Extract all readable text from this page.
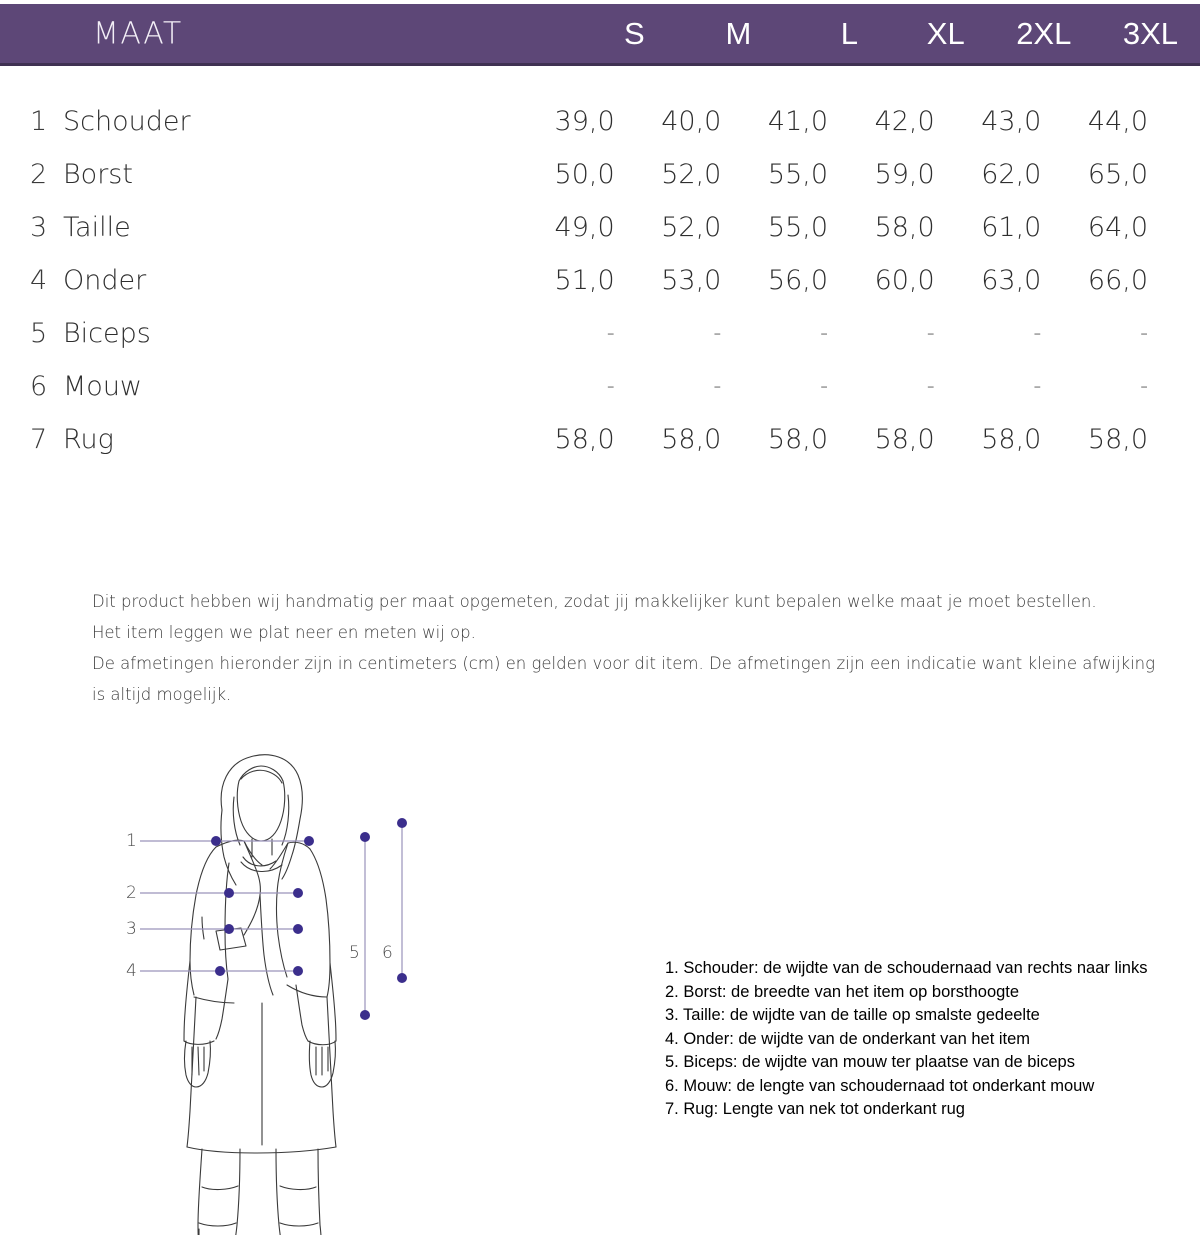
MAAT	S	M	L	XL	2XL	3XL
1 Schouder	39,0	40,0	41,0	42,0	43,0	44,0
2 Borst	50,0	52,0	55,0	59,0	62,0	65,0
3 Taille	49,0	52,0	55,0	58,0	61,0	64,0
4 Onder	51,0	53,0	56,0	60,0	63,0	66,0
5 Biceps	-	-	-	-	-	-
6 Mouw	-	-	-	-	-	-
7 Rug	58,0	58,0	58,0	58,0	58,0	58,0

Dit product hebben wij handmatig per maat opgemeten, zodat jij makkelijker kunt bepalen welke maat je moet bestellen.

Het item leggen we plat neer en meten wij op.

De afmetingen hieronder zijn in centimeters (cm) en gelden voor dit item. De afmetingen zijn een indicatie want kleine afwijking is altijd mogelijk.

1
2
3
4
5 6
1. Schouder: de wijdte van de schoudernaad van rechts naar links
2. Borst: de breedte van het item op borsthoogte
3. Taille: de wijdte van de taille op smalste gedeelte
4. Onder: de wijdte van de onderkant van het item
5. Biceps: de wijdte van mouw ter plaatse van de biceps
6. Mouw: de lengte van schoudernaad tot onderkant mouw
7. Rug: Lengte van nek tot onderkant rug
